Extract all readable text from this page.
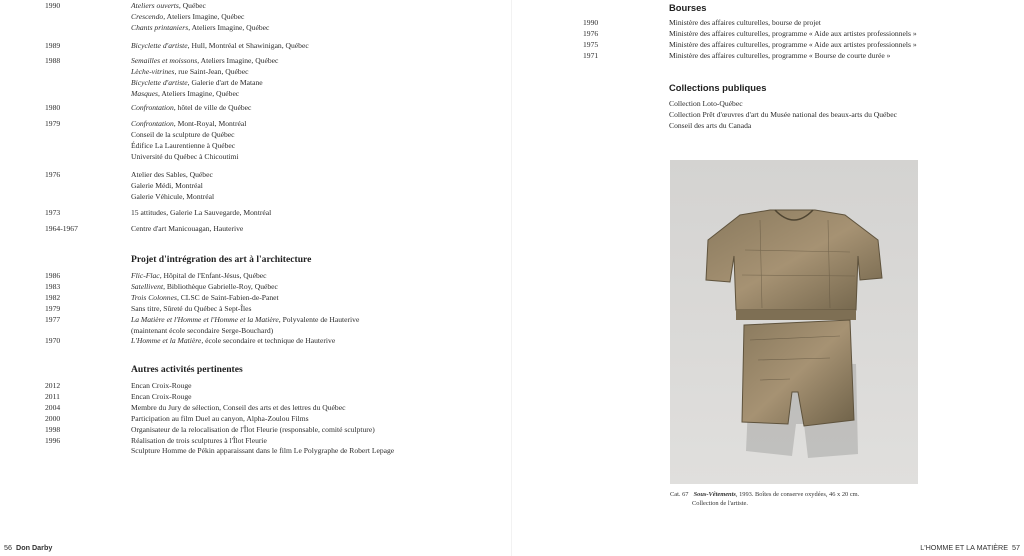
1990	Ateliers ouverts, Québec
Crescendo, Ateliers Imagine, Québec
Chants printaniers, Ateliers Imagine, Québec
1989	Bicyclette d'artiste, Hull, Montréal et Shawinigan, Québec
1988	Semailles et moissons, Ateliers Imagine, Québec
Lèche-vitrines, rue Saint-Jean, Québec
Bicyclette d'artiste, Galerie d'art de Matane
Masques, Ateliers Imagine, Québec
1980	Confrontation, hôtel de ville de Québec
1979	Confrontation, Mont-Royal, Montréal
Conseil de la sculpture de Québec
Édifice La Laurentienne à Québec
Université du Québec à Chicoutimi
1976	Atelier des Sables, Québec
Galerie Médi, Montréal
Galerie Véhicule, Montréal
1973	15 attitudes, Galerie La Sauvegarde, Montréal
1964-1967	Centre d'art Manicouagan, Hauterive
Projet d'intrégration des art à l'architecture
1986	Flic-Flac, Hôpital de l'Enfant-Jésus, Québec
1983	Satellivent, Bibliothèque Gabrielle-Roy, Québec
1982	Trois Colonnes, CLSC de Saint-Fabien-de-Panet
1979	Sans titre, Sûreté du Québec à Sept-Îles
1977	La Matière et l'Homme et l'Homme et la Matière, Polyvalente de Hauterive
(maintenant école secondaire Serge-Bouchard)
1970	L'Homme et la Matière, école secondaire et technique de Hauterive
Autres activités pertinentes
2012	Encan Croix-Rouge
2011	Encan Croix-Rouge
2004	Membre du Jury de sélection, Conseil des arts et des lettres du Québec
2000	Participation au film Duel au canyon, Alpha-Zoulou Films
1998	Organisateur de la relocalisation de l'Îlot Fleurie (responsable, comité sculpture)
1996	Réalisation de trois sculptures à l'Îlot Fleurie
Sculpture Homme de Pékin apparaissant dans le film Le Polygraphe de Robert Lepage
56 Don Darby
Bourses
1990	Ministère des affaires culturelles, bourse de projet
1976	Ministère des affaires culturelles, programme « Aide aux artistes professionnels »
1975	Ministère des affaires culturelles, programme « Aide aux artistes professionnels »
1971	Ministère des affaires culturelles, programme « Bourse de courte durée »
Collections publiques
Collection Loto-Québec
Collection Prêt d'œuvres d'art du Musée national des beaux-arts du Québec
Conseil des arts du Canada
Cat. 67 Sous-Vêtements, 1993. Boîtes de conserve oxydées, 46 x 20 cm.
Collection de l'artiste.
L'HOMME ET LA MATIÈRE 57
